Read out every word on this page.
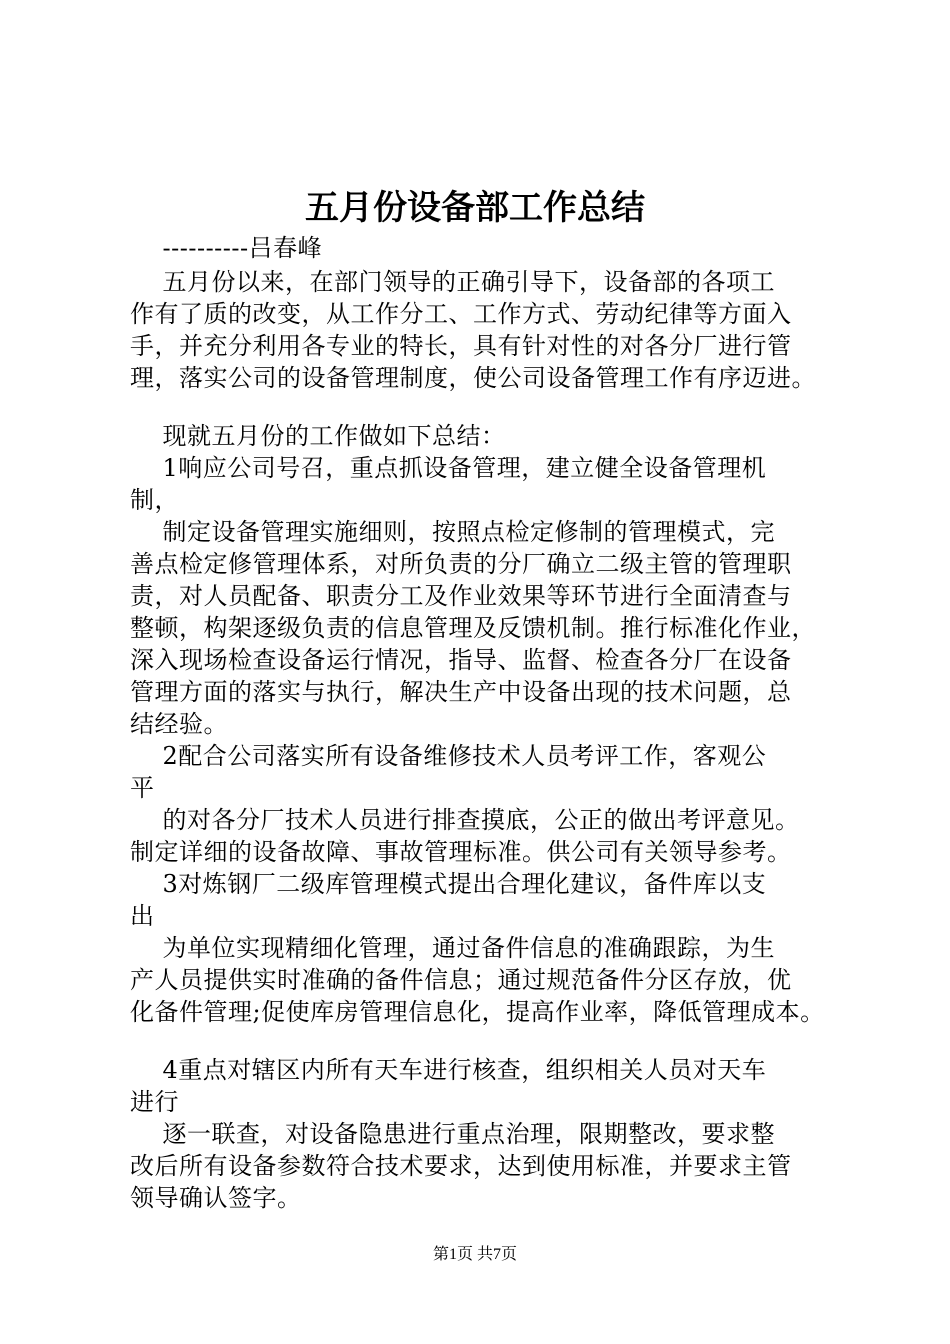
五月份设备部工作总结

----------吕春峰

五月份以来，在部门领导的正确引导下，设备部的各项工

作有了质的改变，从工作分工、工作方式、劳动纪律等方面入

手，并充分利用各专业的特长，具有针对性的对各分厂进行管

理，落实公司的设备管理制度，使公司设备管理工作有序迈进。

现就五月份的工作做如下总结：

1响应公司号召，重点抓设备管理，建立健全设备管理机

制，

制定设备管理实施细则，按照点检定修制的管理模式，完

善点检定修管理体系，对所负责的分厂确立二级主管的管理职

责，对人员配备、职责分工及作业效果等环节进行全面清查与

整顿，构架逐级负责的信息管理及反馈机制。推行标准化作业，

深入现场检查设备运行情况，指导、监督、检查各分厂在设备

管理方面的落实与执行，解决生产中设备出现的技术问题，总

结经验。

2配合公司落实所有设备维修技术人员考评工作，客观公

平

的对各分厂技术人员进行排查摸底，公正的做出考评意见。

制定详细的设备故障、事故管理标准。供公司有关领导参考。

3对炼钢厂二级库管理模式提出合理化建议，备件库以支

出

为单位实现精细化管理，通过备件信息的准确跟踪，为生

产人员提供实时准确的备件信息；通过规范备件分区存放，优

化备件管理;促使库房管理信息化，提高作业率，降低管理成本。

4重点对辖区内所有天车进行核查，组织相关人员对天车

进行

逐一联查，对设备隐患进行重点治理，限期整改，要求整

改后所有设备参数符合技术要求，达到使用标准，并要求主管

领导确认签字。

第1页 共7页
